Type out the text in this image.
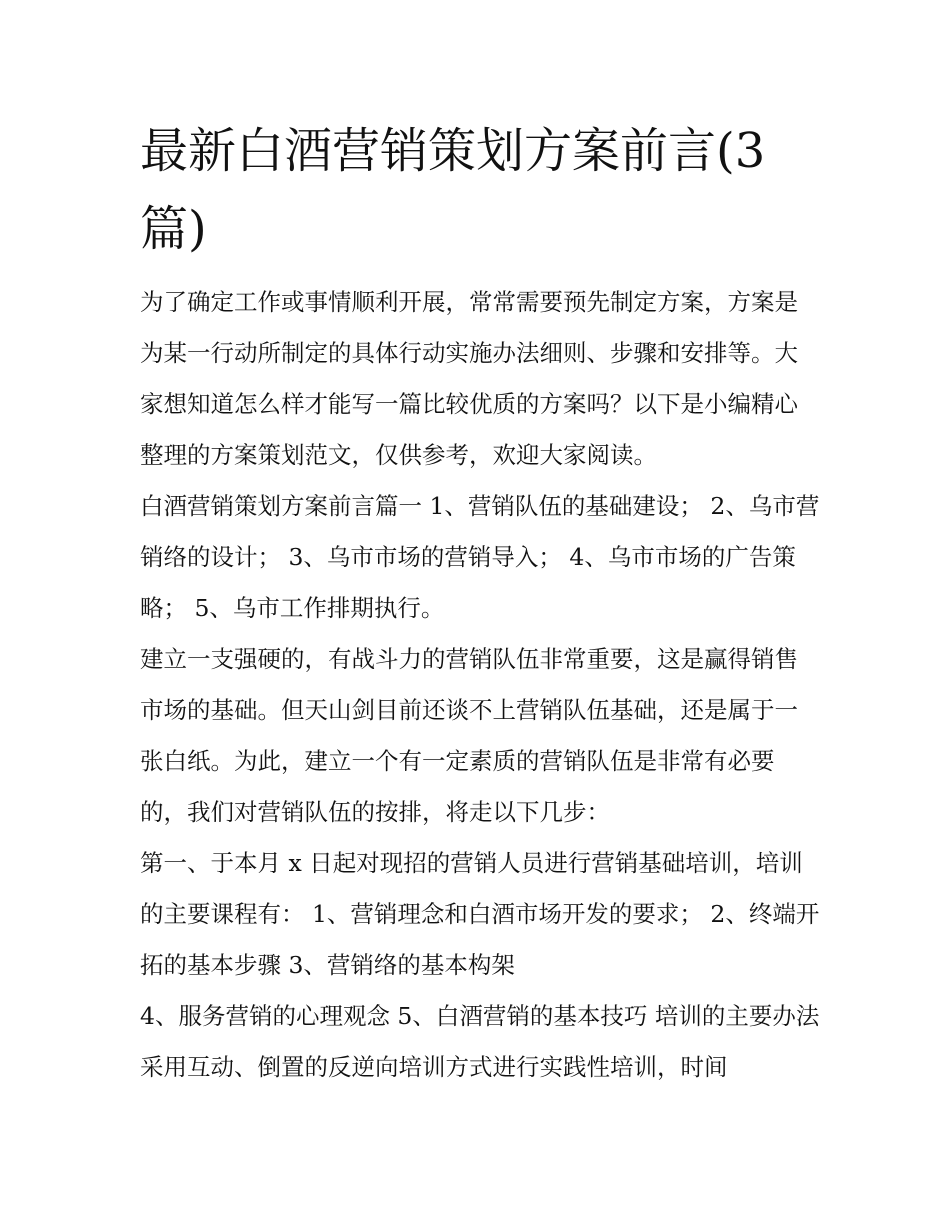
最新白酒营销策划方案前言(3篇)

为了确定工作或事情顺利开展，常常需要预先制定方案，方案是为某一行动所制定的具体行动实施办法细则、步骤和安排等。大家想知道怎么样才能写一篇比较优质的方案吗？以下是小编精心整理的方案策划范文，仅供参考，欢迎大家阅读。

白酒营销策划方案前言篇一 1、营销队伍的基础建设； 2、乌市营销络的设计； 3、乌市市场的营销导入； 4、乌市市场的广告策略； 5、乌市工作排期执行。

建立一支强硬的，有战斗力的营销队伍非常重要，这是赢得销售市场的基础。但天山剑目前还谈不上营销队伍基础，还是属于一张白纸。为此，建立一个有一定素质的营销队伍是非常有必要的，我们对营销队伍的按排，将走以下几步：

第一、于本月 x 日起对现招的营销人员进行营销基础培训，培训的主要课程有： 1、营销理念和白酒市场开发的要求； 2、终端开拓的基本步骤 3、营销络的基本构架

4、服务营销的心理观念 5、白酒营销的基本技巧 培训的主要办法采用互动、倒置的反逆向培训方式进行实践性培训，时间
